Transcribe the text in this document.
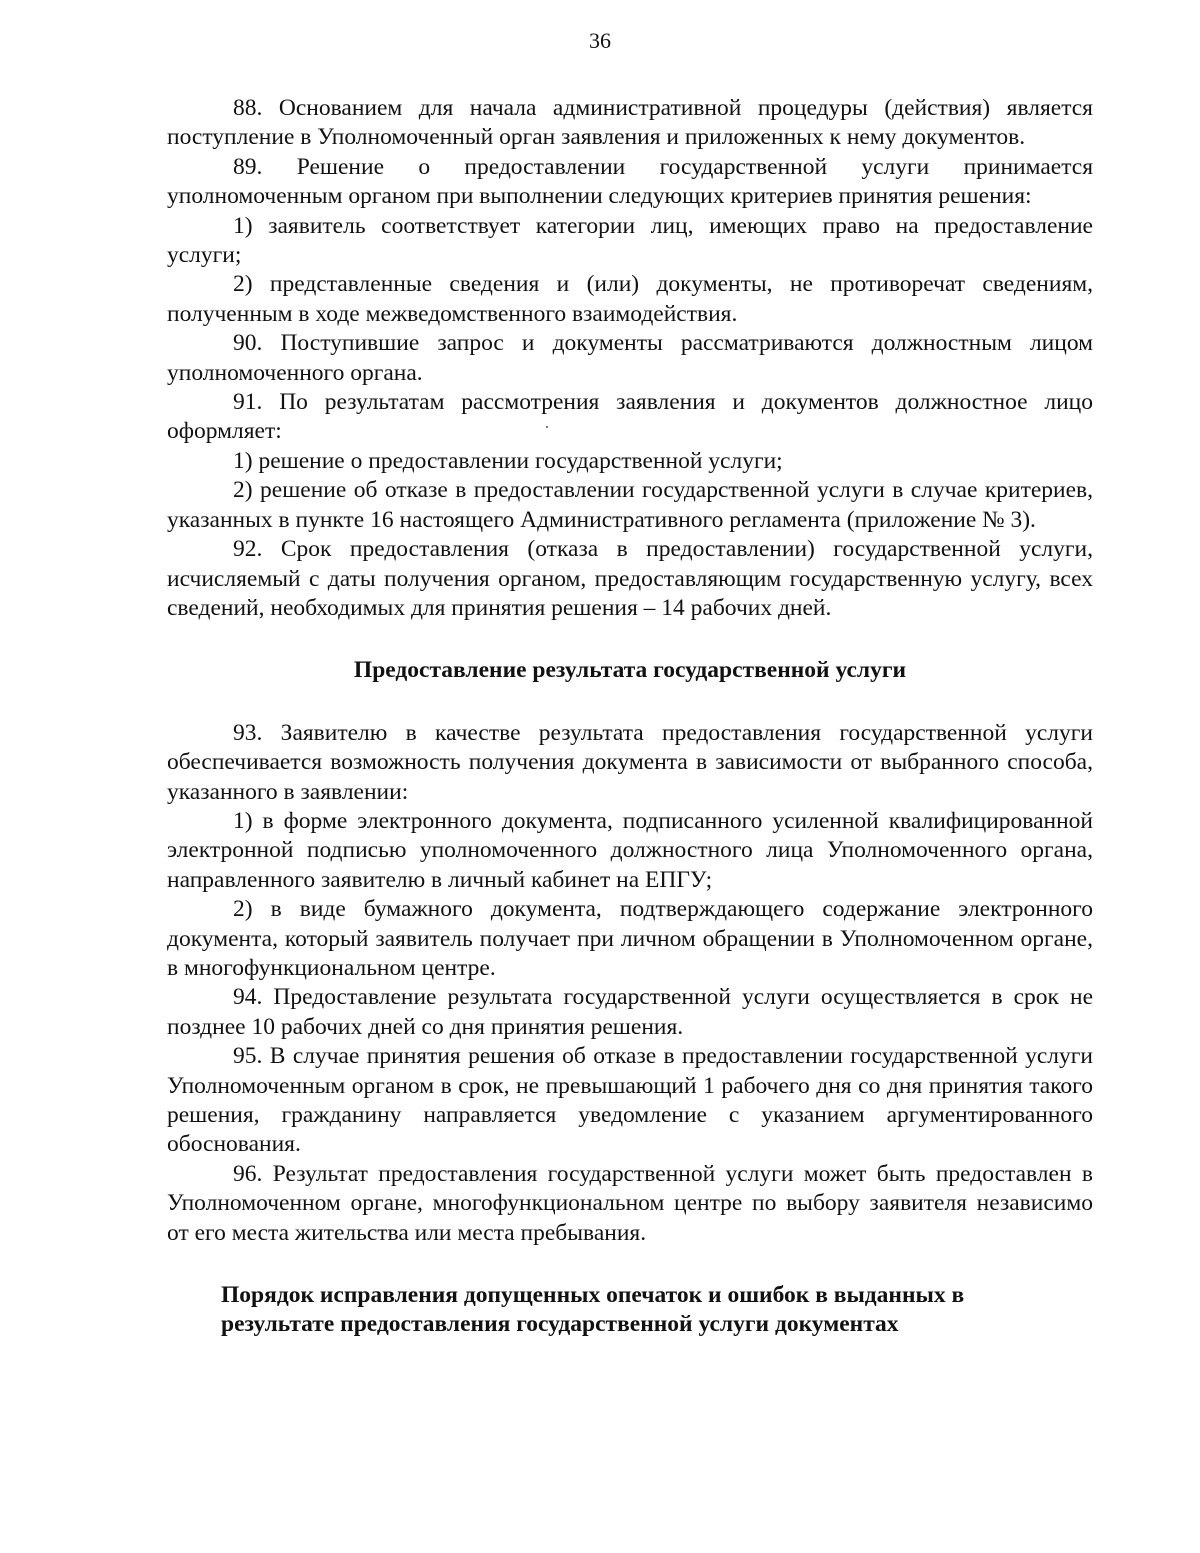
36

88. Основанием для начала административной процедуры (действия) является поступление в Уполномоченный орган заявления и приложенных к нему документов.

89. Решение о предоставлении государственной услуги принимается уполномоченным органом при выполнении следующих критериев принятия решения:

1) заявитель соответствует категории лиц, имеющих право на предоставление услуги;

2) представленные сведения и (или) документы, не противоречат сведениям, полученным в ходе межведомственного взаимодействия.

90. Поступившие запрос и документы рассматриваются должностным лицом уполномоченного органа.

91. По результатам рассмотрения заявления и документов должностное лицо оформляет:

1) решение о предоставлении государственной услуги;

2) решение об отказе в предоставлении государственной услуги в случае критериев, указанных в пункте 16 настоящего Административного регламента (приложение № 3).

92. Срок предоставления (отказа в предоставлении) государственной услуги, исчисляемый с даты получения органом, предоставляющим государственную услугу, всех сведений, необходимых для принятия решения – 14 рабочих дней.

Предоставление результата государственной услуги

93. Заявителю в качестве результата предоставления государственной услуги обеспечивается возможность получения документа в зависимости от выбранного способа, указанного в заявлении:

1) в форме электронного документа, подписанного усиленной квалифицированной электронной подписью уполномоченного должностного лица Уполномоченного органа, направленного заявителю в личный кабинет на ЕПГУ;

2) в виде бумажного документа, подтверждающего содержание электронного документа, который заявитель получает при личном обращении в Уполномоченном органе, в многофункциональном центре.

94. Предоставление результата государственной услуги осуществляется в срок не позднее 10 рабочих дней со дня принятия решения.

95. В случае принятия решения об отказе в предоставлении государственной услуги Уполномоченным органом в срок, не превышающий 1 рабочего дня со дня принятия такого решения, гражданину направляется уведомление с указанием аргументированного обоснования.

96. Результат предоставления государственной услуги может быть предоставлен в Уполномоченном органе, многофункциональном центре по выбору заявителя независимо от его места жительства или места пребывания.

Порядок исправления допущенных опечаток и ошибок в выданных в результате предоставления государственной услуги документах
